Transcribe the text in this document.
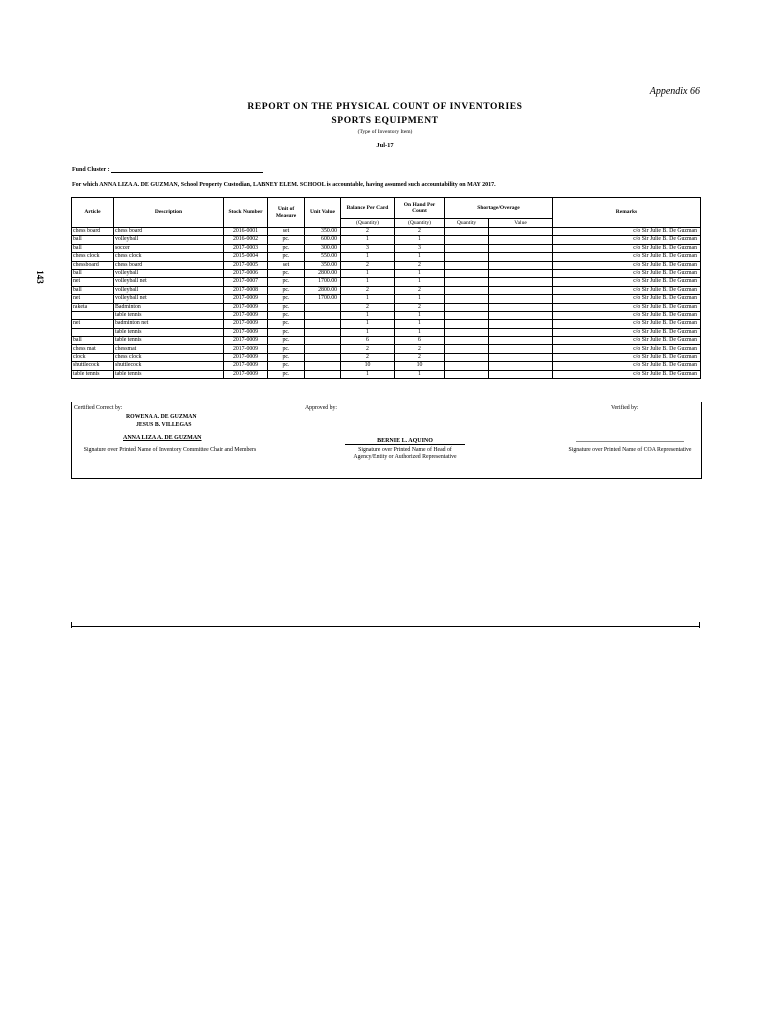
Appendix 66
REPORT ON THE PHYSICAL COUNT OF INVENTORIES
SPORTS EQUIPMENT
(Type of Inventory Item)
Jul-17
Fund Cluster :
For which ANNA LIZA A. DE GUZMAN, School Property Custodian, LABNEY ELEM. SCHOOL is accountable, having assumed such accountability on MAY 2017.
143
Article	Description	Stock Number	Unit of Measure	Unit Value	Balance Per Card	On Hand Per Count	Shortage/Overage		Remarks
					(Quantity)	(Quantity)	Quantity	Value	
chess board	chess board	2016-0001	set	350.00	2	2			c/o Sir Julie B. De Guzman
ball	volleyball	2016-0002	pc.	600.00	1	1			c/o Sir Julie B. De Guzman
ball	soccer	2017-0003	pc.	300.00	3	3			c/o Sir Julie B. De Guzman
chess clock	chess clock	2015-0004	pc.	550.00	1	1			c/o Sir Julie B. De Guzman
chessboard	chess board	2017-0005	set	350.00	2	2			c/o Sir Julie B. De Guzman
ball	volleyball	2017-0006	pc.	2800.00	1	1			c/o Sir Julie B. De Guzman
net	volleyball net	2017-0007	pc.	1700.00	1	1			c/o Sir Julie B. De Guzman
ball	volleyball	2017-0008	pc.	2800.00	2	2			c/o Sir Julie B. De Guzman
net	volleyball net	2017-0009	pc.	1700.00	1	1			c/o Sir Julie B. De Guzman
raketa	Badminton	2017-0009	pc.		2	2			c/o Sir Julie B. De Guzman
	table tennis	2017-0009	pc.		1	1			c/o Sir Julie B. De Guzman
net	badminton net	2017-0009	pc.		1	1			c/o Sir Julie B. De Guzman
	table tennis	2017-0009	pc.		1	1			c/o Sir Julie B. De Guzman
ball	table tennis	2017-0009	pc.		6	6			c/o Sir Julie B. De Guzman
chess mat	chessmat	2017-0009	pc.		2	2			c/o Sir Julie B. De Guzman
clock	chess clock	2017-0009	pc.		2	2			c/o Sir Julie B. De Guzman
shuttlecock	shuttlecock	2017-0009	pc.		10	10			c/o Sir Julie B. De Guzman
table tennis	table tennis	2017-0009	pc.		1	1			c/o Sir Julie B. De Guzman
Certified Correct by:	Approved by:	Verified by:
ROWENA A. DE GUZMAN
JESUS B. VILLEGAS
ANNA LIZA A. DE GUZMAN
Signature over Printed Name of Inventory Committee Chair and Members
BERNIE L. AQUINO
Signature over Printed Name of Head of Agency/Entity or Authorized Representative
Signature over Printed Name of COA Representative
